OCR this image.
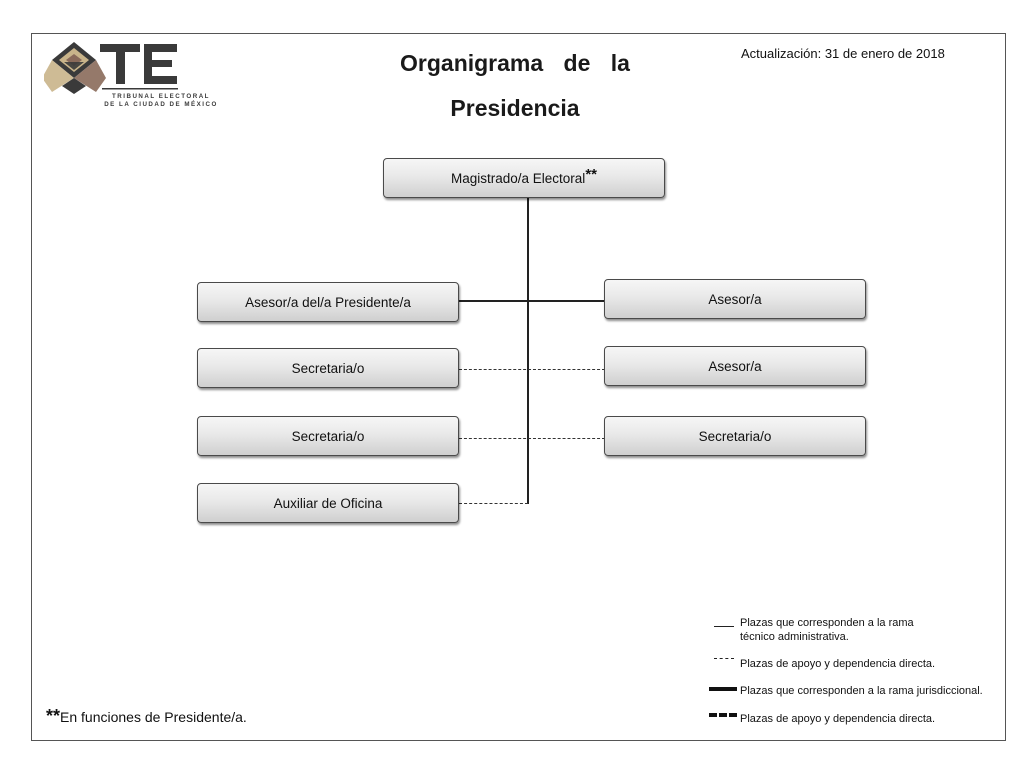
TRIBUNAL ELECTORAL
DE LA CIUDAD DE MÉXICO
Organigrama de la
Presidencia
Actualización: 31 de enero de 2018
Magistrado/a Electoral**
Asesor/a del/a Presidente/a
Secretaria/o
Secretaria/o
Auxiliar de Oficina
Asesor/a
Asesor/a
Secretaria/o
Plazas que corresponden a la rama
técnico administrativa.
Plazas de apoyo y dependencia directa.
Plazas que corresponden a la rama jurisdiccional.
Plazas de apoyo y dependencia directa.
**En funciones de Presidente/a.
